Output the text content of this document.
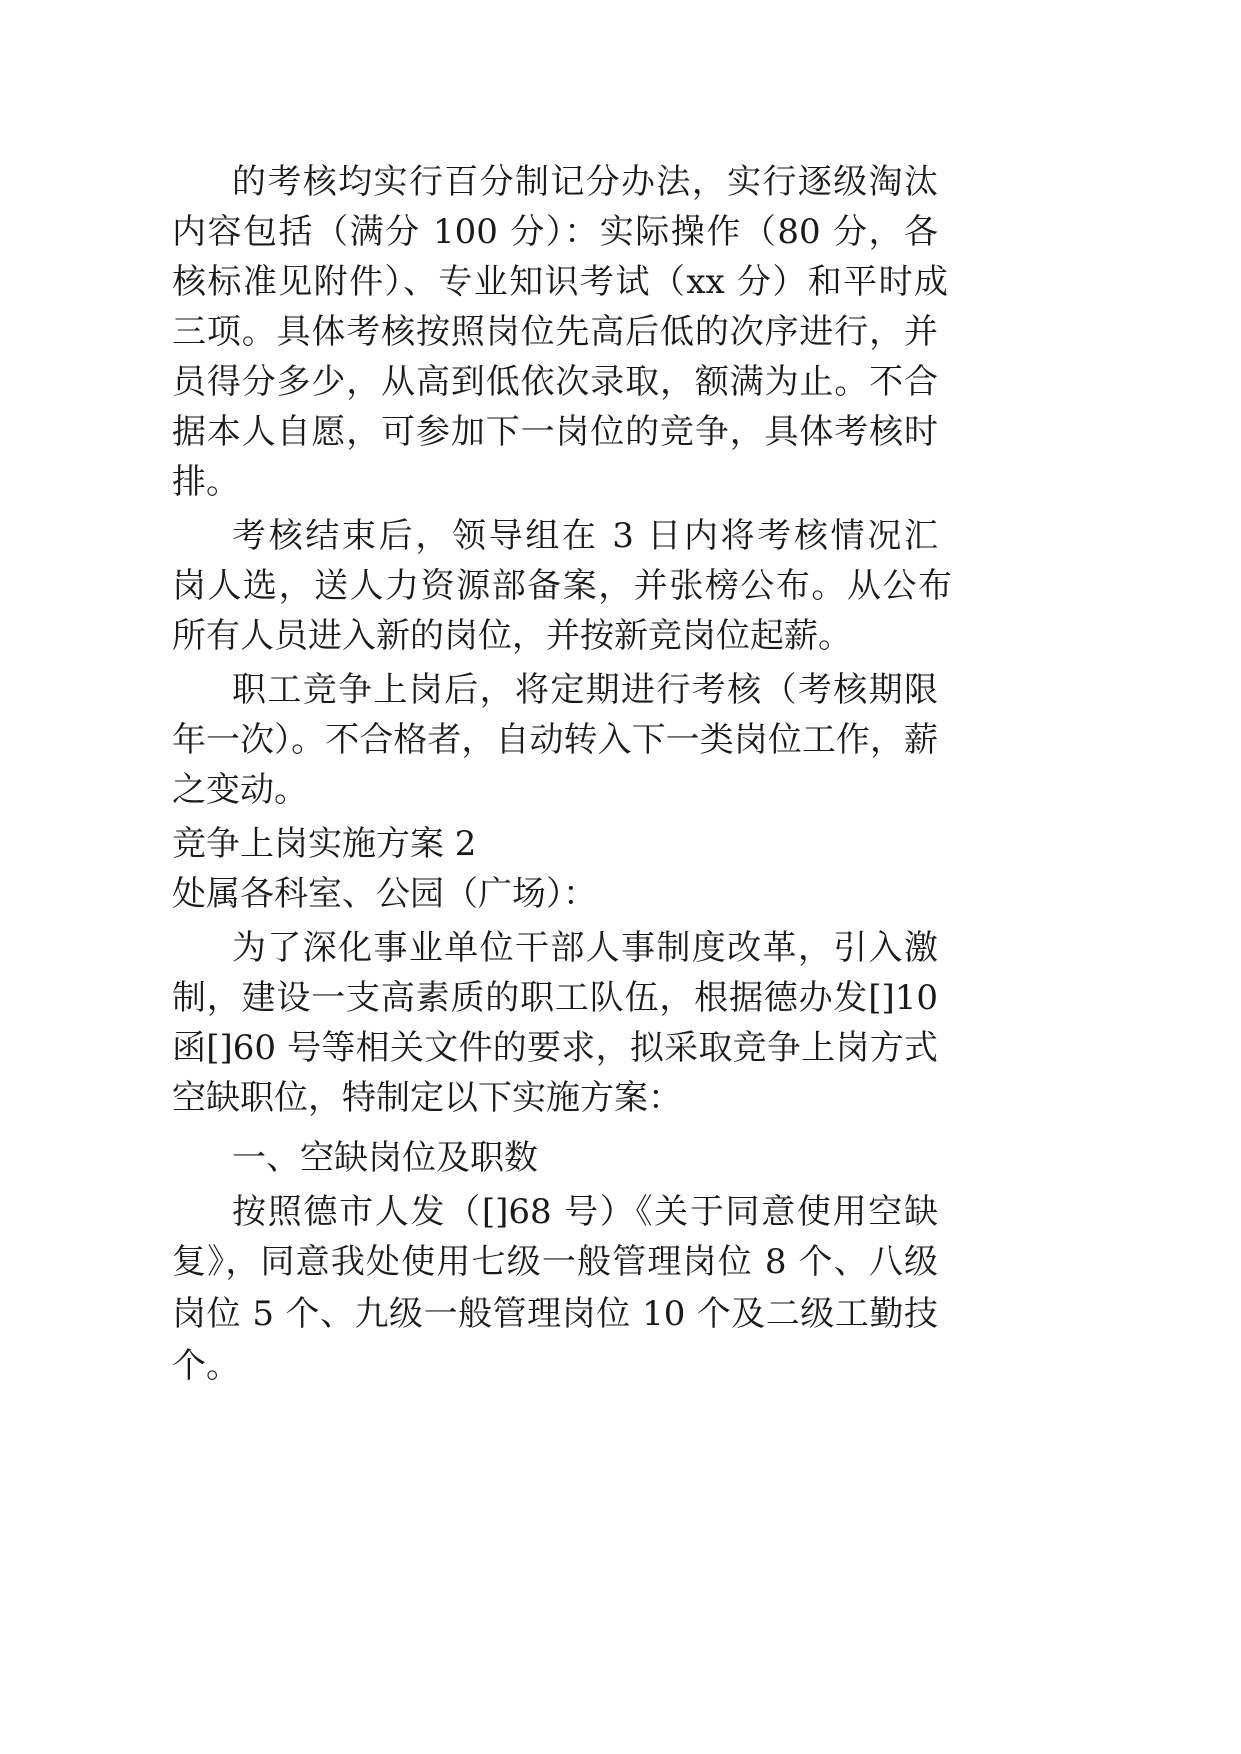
的考核均实行百分制记分办法，实行逐级淘汰
内容包括（满分 100 分）：实际操作（80 分，各
核标准见附件）、专业知识考试（xx 分）和平时成
三项。具体考核按照岗位先高后低的次序进行，并
员得分多少，从高到低依次录取，额满为止。不合
据本人自愿，可参加下一岗位的竞争，具体考核时
排。
考核结束后，领导组在 3 日内将考核情况汇
岗人选，送人力资源部备案，并张榜公布。从公布
所有人员进入新的岗位，并按新竞岗位起薪。
职工竞争上岗后，将定期进行考核（考核期限
年一次）。不合格者，自动转入下一类岗位工作，薪
之变动。
竞争上岗实施方案 2
处属各科室、公园（广场）：
为了深化事业单位干部人事制度改革，引入激
制，建设一支高素质的职工队伍，根据德办发[]10
函[]60 号等相关文件的要求，拟采取竞争上岗方式
空缺职位，特制定以下实施方案：
一、空缺岗位及职数
按照德市人发（[]68 号）《关于同意使用空缺
复》，同意我处使用七级一般管理岗位 8 个、八级
岗位 5 个、九级一般管理岗位 10 个及二级工勤技
个。
